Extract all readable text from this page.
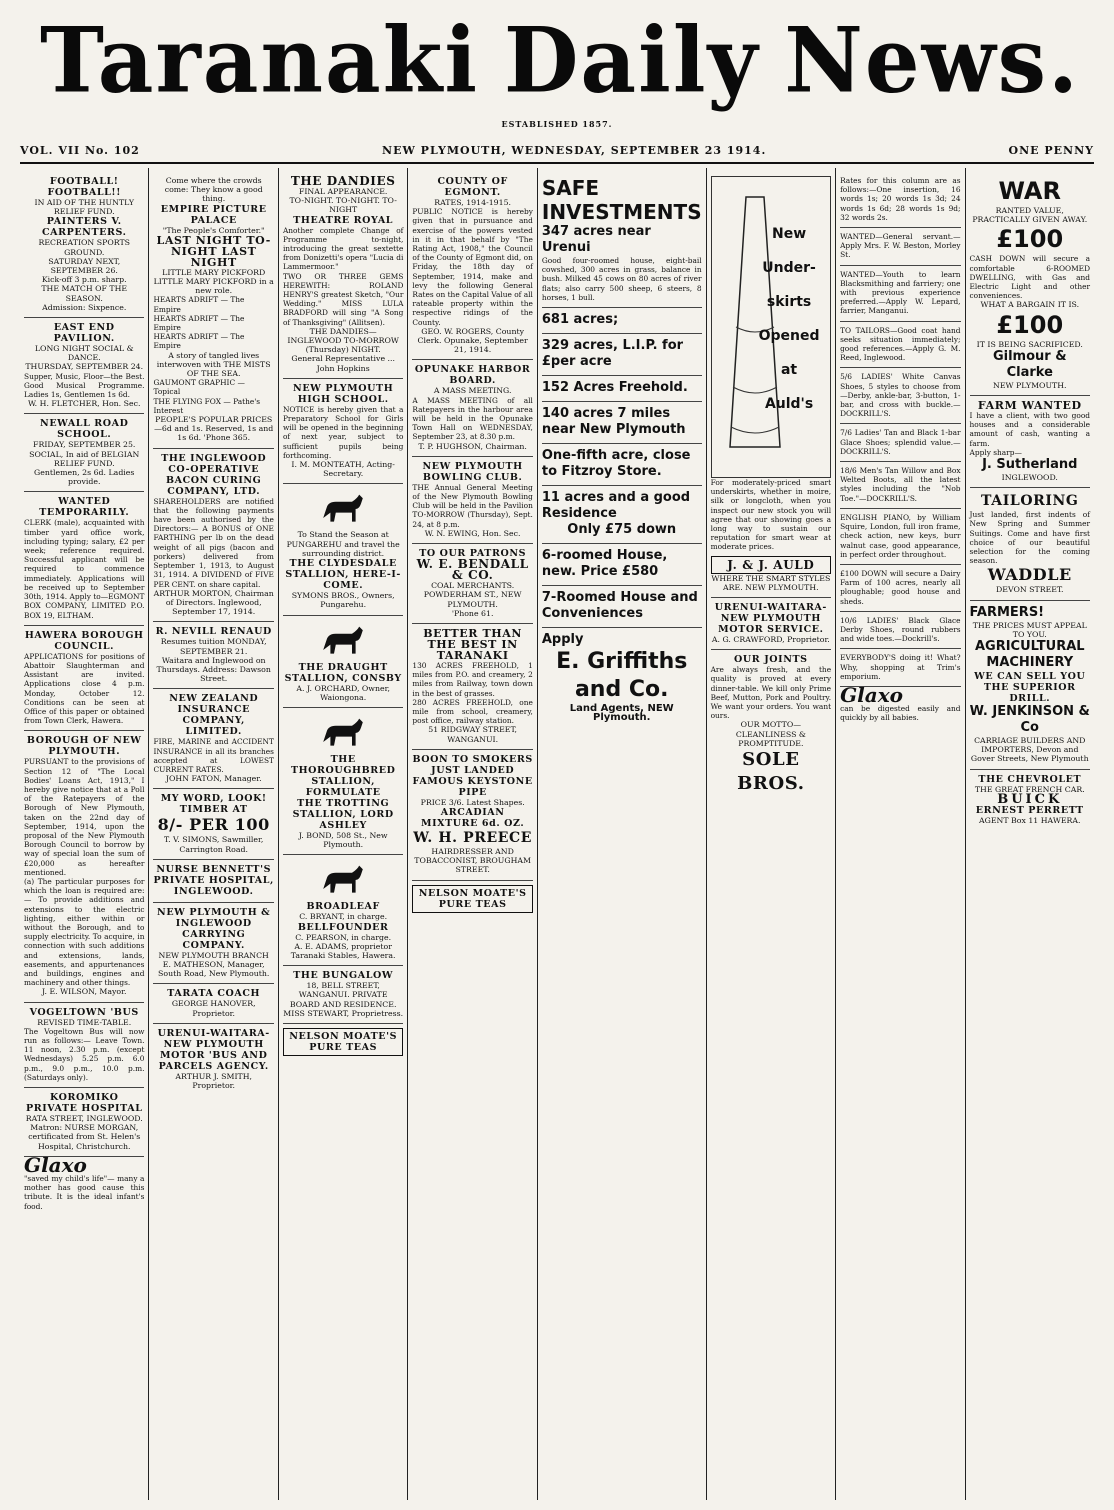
Taranaki Daily News.
ESTABLISHED 1857.
VOL. VII No. 102	NEW PLYMOUTH, WEDNESDAY, SEPTEMBER 23 1914.	ONE PENNY
FOOTBALL! FOOTBALL!!
IN AID OF THE HUNTLY RELIEF FUND.
PAINTERS V. CARPENTERS.
RECREATION SPORTS GROUND.
SATURDAY NEXT, SEPTEMBER 26.
Kick-off 3 p.m. sharp.
THE MATCH OF THE SEASON.
Admission: Sixpence.
EAST END PAVILION.
LONG NIGHT SOCIAL & DANCE.
THURSDAY, SEPTEMBER 24.
Supper, Music, Floor—the Best. Good Musical Programme. Ladies 1s, Gentlemen 1s 6d.
W. H. FLETCHER, Hon. Sec.
NEWALL ROAD SCHOOL.
FRIDAY, SEPTEMBER 25.
SOCIAL, In aid of BELGIAN RELIEF FUND.
Gentlemen, 2s 6d. Ladies provide.
WANTED TEMPORARILY.
CLERK (male), acquainted with timber yard office work, including typing; salary, £2 per week; reference required. Successful applicant will be required to commence immediately. Applications will be received up to September 30th, 1914. Apply to—EGMONT BOX COMPANY, LIMITED P.O. BOX 19, ELTHAM.
HAWERA BOROUGH COUNCIL.
APPLICATIONS for positions of Abattoir Slaughterman and Assistant are invited. Applications close 4 p.m. Monday, October 12. Conditions can be seen at Office of this paper or obtained from Town Clerk, Hawera.
BOROUGH OF NEW PLYMOUTH.
PURSUANT to the provisions of Section 12 of "The Local Bodies' Loans Act, 1913," I hereby give notice that at a Poll of the Ratepayers of the Borough of New Plymouth, taken on the 22nd day of September, 1914, upon the proposal of the New Plymouth Borough Council to borrow by way of special loan the sum of £20,000 as hereafter mentioned.
(a) The particular purposes for which the loan is required are:— To provide additions and extensions to the electric lighting, either within or without the Borough, and to supply electricity. To acquire, in connection with such additions and extensions, lands, easements, and appurtenances and buildings, engines and machinery and other things.
J. E. WILSON, Mayor.
VOGELTOWN 'BUS
REVISED TIME-TABLE.
The Vogeltown Bus will now run as follows:— Leave Town. 11 noon, 2.30 p.m. (except Wednesdays) 5.25 p.m. 6.0 p.m., 9.0 p.m., 10.0 p.m. (Saturdays only).
KOROMIKO PRIVATE HOSPITAL
RATA STREET, INGLEWOOD. Matron: NURSE MORGAN, certificated from St. Helen's Hospital, Christchurch.
Glaxo
"saved my child's life"— many a mother has good cause this tribute. It is the ideal infant's food.
Come where the crowds come: They know a good thing.
EMPIRE PICTURE PALACE
"The People's Comforter."
LAST NIGHT TO-NIGHT LAST NIGHT
LITTLE MARY PICKFORD LITTLE MARY PICKFORD in a new role.
HEARTS ADRIFT — The Empire
HEARTS ADRIFT — The Empire
HEARTS ADRIFT — The Empire
A story of tangled lives interwoven with THE MISTS OF THE SEA.
GAUMONT GRAPHIC — Topical
THE FLYING FOX — Pathe's Interest
PEOPLE'S POPULAR PRICES—6d and 1s. Reserved, 1s and 1s 6d. 'Phone 365.
THE INGLEWOOD CO-OPERATIVE BACON CURING COMPANY, LTD.
SHAREHOLDERS are notified that the following payments have been authorised by the Directors:— A BONUS of ONE FARTHING per lb on the dead weight of all pigs (bacon and porkers) delivered from September 1, 1913, to August 31, 1914. A DIVIDEND of FIVE PER CENT. on share capital.
ARTHUR MORTON, Chairman of Directors. Inglewood, September 17, 1914.
R. NEVILL RENAUD
Resumes tuition MONDAY, SEPTEMBER 21.
Waitara and Inglewood on Thursdays. Address: Dawson Street.
NEW ZEALAND INSURANCE COMPANY, LIMITED.
FIRE, MARINE and ACCIDENT INSURANCE in all its branches accepted at LOWEST CURRENT RATES.
JOHN FATON, Manager.
MY WORD, LOOK! TIMBER AT
8/- PER 100
T. V. SIMONS, Sawmiller, Carrington Road.
NURSE BENNETT'S PRIVATE HOSPITAL, INGLEWOOD.
NEW PLYMOUTH & INGLEWOOD CARRYING COMPANY.
NEW PLYMOUTH BRANCH
E. MATHESON, Manager, South Road, New Plymouth.
TARATA COACH
GEORGE HANOVER, Proprietor.
URENUI-WAITARA-NEW PLYMOUTH MOTOR 'BUS AND PARCELS AGENCY.
ARTHUR J. SMITH, Proprietor.
THE DANDIES
FINAL APPEARANCE.
TO-NIGHT. TO-NIGHT. TO-NIGHT
THEATRE ROYAL
Another complete Change of Programme to-night, introducing the great sextette from Donizetti's opera "Lucia di Lammermoor."
TWO OR THREE GEMS HEREWITH: ROLAND HENRY'S greatest Sketch, "Our Wedding." MISS LULA BRADFORD will sing "A Song of Thanksgiving" (Allitsen).
THE DANDIES—INGLEWOOD TO-MORROW (Thursday) NIGHT.
General Representative ... John Hopkins
NEW PLYMOUTH HIGH SCHOOL.
NOTICE is hereby given that a Preparatory School for Girls will be opened in the beginning of next year, subject to sufficient pupils being forthcoming.
I. M. MONTEATH, Acting-Secretary.
To Stand the Season at PUNGAREHU and travel the surrounding district.
THE CLYDESDALE STALLION, HERE-I-COME.
SYMONS BROS., Owners, Pungarehu.
THE DRAUGHT STALLION, CONSBY
A. J. ORCHARD, Owner, Waiongona.
THE THOROUGHBRED STALLION, FORMULATE
THE TROTTING STALLION, LORD ASHLEY
J. BOND, 508 St., New Plymouth.
BROADLEAF
C. BRYANT, in charge.
BELLFOUNDER
C. PEARSON, in charge.
A. E. ADAMS, proprietor Taranaki Stables, Hawera.
THE BUNGALOW
18, BELL STREET, WANGANUI. PRIVATE BOARD AND RESIDENCE. MISS STEWART, Proprietress.
NELSON MOATE'S PURE TEAS
COUNTY OF EGMONT.
RATES, 1914-1915.
PUBLIC NOTICE is hereby given that in pursuance and exercise of the powers vested in it in that behalf by "The Rating Act, 1908," the Council of the County of Egmont did, on Friday, the 18th day of September, 1914, make and levy the following General Rates on the Capital Value of all rateable property within the respective ridings of the County.
GEO. W. ROGERS, County Clerk. Opunake, September 21, 1914.
OPUNAKE HARBOR BOARD.
A MASS MEETING.
A MASS MEETING of all Ratepayers in the harbour area will be held in the Opunake Town Hall on WEDNESDAY, September 23, at 8.30 p.m.
T. P. HUGHSON, Chairman.
NEW PLYMOUTH BOWLING CLUB.
THE Annual General Meeting of the New Plymouth Bowling Club will be held in the Pavilion TO-MORROW (Thursday), Sept. 24, at 8 p.m.
W. N. EWING, Hon. Sec.
TO OUR PATRONS
W. E. BENDALL & CO.
COAL MERCHANTS.
POWDERHAM ST., NEW PLYMOUTH.
'Phone 61.
BETTER THAN THE BEST IN TARANAKI
130 ACRES FREEHOLD, 1 miles from P.O. and creamery, 2 miles from Railway, town down in the best of grasses.
280 ACRES FREEHOLD, one mile from school, creamery, post office, railway station.
51 RIDGWAY STREET, WANGANUI.
BOON TO SMOKERS
JUST LANDED FAMOUS KEYSTONE PIPE
PRICE 3/6. Latest Shapes.
ARCADIAN MIXTURE 6d. OZ.
W. H. PREECE
HAIRDRESSER AND TOBACCONIST, BROUGHAM STREET.
NELSON MOATE'S PURE TEAS
SAFE INVESTMENTS
347 acres near Urenui
Good four-roomed house, eight-bail cowshed, 300 acres in grass, balance in bush. Milked 45 cows on 80 acres of river flats; also carry 500 sheep, 6 steers, 8 horses, 1 bull.
681 acres;
329 acres, L.I.P. for £per acre
152 Acres Freehold.
140 acres 7 miles near New Plymouth
One-fifth acre, close to Fitzroy Store.
11 acres and a good Residence
Only £75 down
6-roomed House, new. Price £580
7-Roomed House and Conveniences
Apply
E. Griffiths and Co.
Land Agents, NEW Plymouth.
New
Under-
skirts
Opened
at
Auld's
For moderately-priced smart underskirts, whether in moire, silk or longcloth, when you inspect our new stock you will agree that our showing goes a long way to sustain our reputation for smart wear at moderate prices.
J. & J. AULD
WHERE THE SMART STYLES ARE. NEW PLYMOUTH.
URENUI-WAITARA-NEW PLYMOUTH MOTOR SERVICE.
A. G. CRAWFORD, Proprietor.
OUR JOINTS
Are always fresh, and the quality is proved at every dinner-table. We kill only Prime Beef, Mutton, Pork and Poultry. We want your orders. You want ours.
OUR MOTTO—CLEANLINESS & PROMPTITUDE.
SOLE BROS.
Rates for this column are as follows:—One insertion, 16 words 1s; 20 words 1s 3d; 24 words 1s 6d; 28 words 1s 9d; 32 words 2s.
WANTED—General servant.—Apply Mrs. F. W. Beston, Morley St.
WANTED—Youth to learn Blacksmithing and farriery; one with previous experience preferred.—Apply W. Lepard, farrier, Manganui.
TO TAILORS—Good coat hand seeks situation immediately; good references.—Apply G. M. Reed, Inglewood.
5/6 LADIES' White Canvas Shoes, 5 styles to choose from—Derby, ankle-bar, 3-button, 1-bar, and cross with buckle.—DOCKRILL'S.
7/6 Ladies' Tan and Black 1-bar Glace Shoes; splendid value.—DOCKRILL'S.
18/6 Men's Tan Willow and Box Welted Boots, all the latest styles including the "Nob Toe."—DOCKRILL'S.
ENGLISH PIANO, by William Squire, London, full iron frame, check action, new keys, burr walnut case, good appearance, in perfect order throughout.
£100 DOWN will secure a Dairy Farm of 100 acres, nearly all ploughable; good house and sheds.
10/6 LADIES' Black Glace Derby Shoes, round rubbers and wide toes.—Dockrill's.
EVERYBODY'S doing it! What? Why, shopping at Trim's emporium.
Glaxo
can be digested easily and quickly by all babies.
WAR
RANTED VALUE, PRACTICALLY GIVEN AWAY.
£100
CASH DOWN will secure a comfortable 6-ROOMED DWELLING, with Gas and Electric Light and other conveniences.
WHAT A BARGAIN IT IS.
£100
IT IS BEING SACRIFICED.
Gilmour & Clarke
NEW PLYMOUTH.
FARM WANTED
I have a client, with two good houses and a considerable amount of cash, wanting a farm.
Apply sharp—
J. Sutherland
INGLEWOOD.
TAILORING
Just landed, first indents of New Spring and Summer Suitings. Come and have first choice of our beautiful selection for the coming season.
WADDLE
DEVON STREET.
FARMERS!
THE PRICES MUST APPEAL TO YOU.
AGRICULTURAL MACHINERY
WE CAN SELL YOU THE SUPERIOR DRILL.
W. JENKINSON & Co
CARRIAGE BUILDERS AND IMPORTERS, Devon and Gover Streets, New Plymouth
THE CHEVROLET
THE GREAT FRENCH CAR.
BUICK
ERNEST PERRETT
AGENT Box 11 HAWERA.
